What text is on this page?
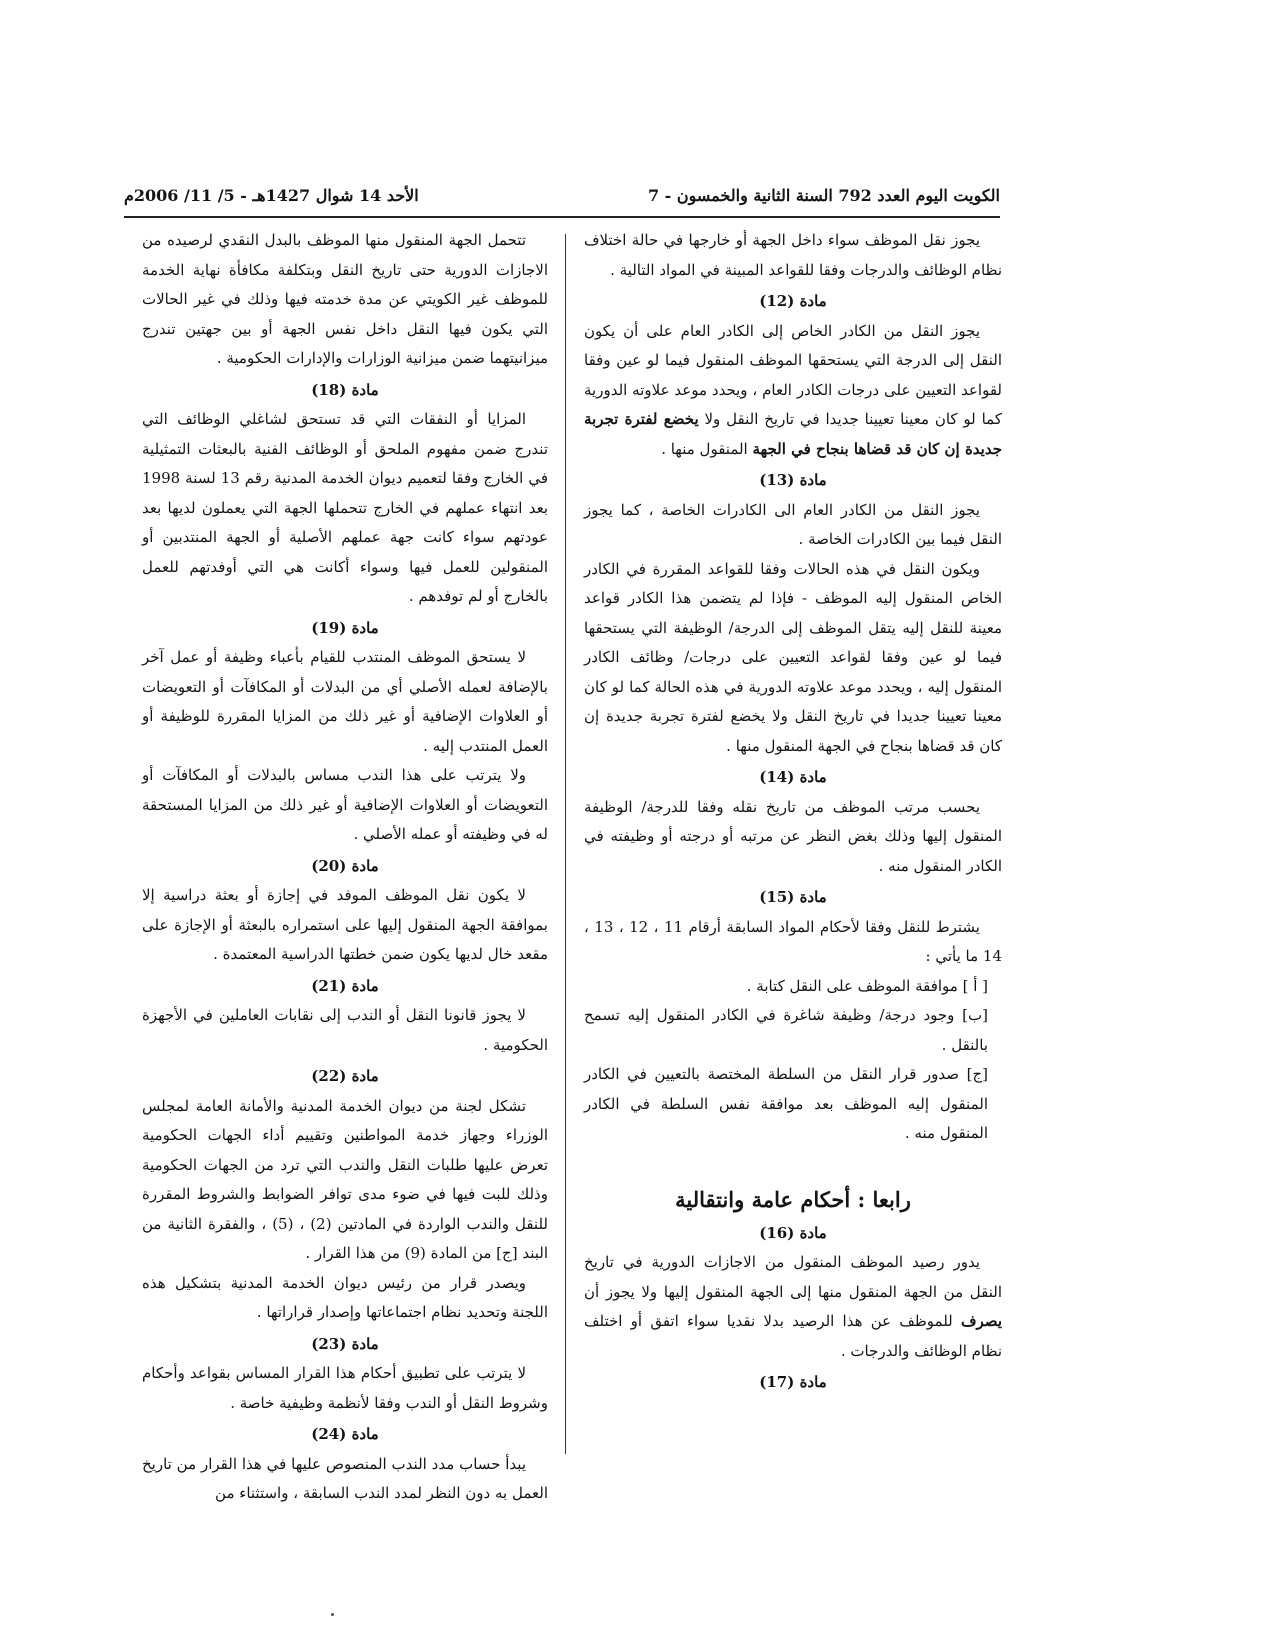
الكويت اليوم العدد 792 السنة الثانية والخمسون - 7
الأحد 14 شوال 1427هـ - 5/ 11/ 2006م

يجوز نقل الموظف سواء داخل الجهة أو خارجها في حالة اختلاف نظام الوظائف والدرجات وفقا للقواعد المبينة في المواد التالية .

مادة (12)

يجوز النقل من الكادر الخاص إلى الكادر العام على أن يكون النقل إلى الدرجة التي يستحقها الموظف المنقول فيما لو عين وفقا لقواعد التعيين على درجات الكادر العام ، ويحدد موعد علاوته الدورية كما لو كان معينا تعيينا جديدا في تاريخ النقل ولا يخضع لفترة تجربة جديدة إن كان قد قضاها بنجاح في الجهة المنقول منها .

مادة (13)

يجوز النقل من الكادر العام الى الكادرات الخاصة ، كما يجوز النقل فيما بين الكادرات الخاصة .

ويكون النقل في هذه الحالات وفقا للقواعد المقررة في الكادر الخاص المنقول إليه الموظف - فإذا لم يتضمن هذا الكادر قواعد معينة للنقل إليه يتقل الموظف إلى الدرجة/ الوظيفة التي يستحقها فيما لو عين وفقا لقواعد التعيين على درجات/ وظائف الكادر المنقول إليه ، ويحدد موعد علاوته الدورية في هذه الحالة كما لو كان معينا تعيينا جديدا في تاريخ النقل ولا يخضع لفترة تجربة جديدة إن كان قد قضاها بنجاح في الجهة المنقول منها .

مادة (14)

يحسب مرتب الموظف من تاريخ نقله وفقا للدرجة/ الوظيفة المنقول إليها وذلك بغض النظر عن مرتبه أو درجته أو وظيفته في الكادر المنقول منه .

مادة (15)

يشترط للنقل وفقا لأحكام المواد السابقة أرقام 11 ، 12 ، 13 ، 14 ما يأتي :

[ أ ] موافقة الموظف على النقل كتابة .

[ب] وجود درجة/ وظيفة شاغرة في الكادر المنقول إليه تسمح بالنقل .

[ج] صدور قرار النقل من السلطة المختصة بالتعيين في الكادر المنقول إليه الموظف بعد موافقة نفس السلطة في الكادر المنقول منه .

رابعا : أحكام عامة وانتقالية
مادة (16)

يدور رصيد الموظف المنقول من الاجازات الدورية في تاريخ النقل من الجهة المنقول منها إلى الجهة المنقول إليها ولا يجوز أن يصرف للموظف عن هذا الرصيد بدلا نقديا سواء اتفق أو اختلف نظام الوظائف والدرجات .

مادة (17)

تتحمل الجهة المنقول منها الموظف بالبدل النقدي لرصيده من الاجازات الدورية حتى تاريخ النقل وبتكلفة مكافأة نهاية الخدمة للموظف غير الكويتي عن مدة خدمته فيها وذلك في غير الحالات التي يكون فيها النقل داخل نفس الجهة أو بين جهتين تندرج ميزانيتهما ضمن ميزانية الوزارات والإدارات الحكومية .

مادة (18)

المزايا أو النفقات التي قد تستحق لشاغلي الوظائف التي تندرج ضمن مفهوم الملحق أو الوظائف الفنية بالبعثات التمثيلية في الخارج وفقا لتعميم ديوان الخدمة المدنية رقم 13 لسنة 1998 بعد انتهاء عملهم في الخارج تتحملها الجهة التي يعملون لديها بعد عودتهم سواء كانت جهة عملهم الأصلية أو الجهة المنتدبين أو المنقولين للعمل فيها وسواء أكانت هي التي أوفدتهم للعمل بالخارج أو لم توفدهم .

مادة (19)

لا يستحق الموظف المنتدب للقيام بأعباء وظيفة أو عمل آخر بالإضافة لعمله الأصلي أي من البدلات أو المكافآت أو التعويضات أو العلاوات الإضافية أو غير ذلك من المزايا المقررة للوظيفة أو العمل المنتدب إليه .

ولا يترتب على هذا الندب مساس بالبدلات أو المكافآت أو التعويضات أو العلاوات الإضافية أو غير ذلك من المزايا المستحقة له في وظيفته أو عمله الأصلي .

مادة (20)

لا يكون نقل الموظف الموفد في إجازة أو بعثة دراسية إلا بموافقة الجهة المنقول إليها على استمراره بالبعثة أو الإجازة على مقعد خال لديها يكون ضمن خطتها الدراسية المعتمدة .

مادة (21)

لا يجوز قانونا النقل أو الندب إلى نقابات العاملين في الأجهزة الحكومية .

مادة (22)

تشكل لجنة من ديوان الخدمة المدنية والأمانة العامة لمجلس الوزراء وجهاز خدمة المواطنين وتقييم أداء الجهات الحكومية تعرض عليها طلبات النقل والندب التي ترد من الجهات الحكومية وذلك للبت فيها في ضوء مدى توافر الضوابط والشروط المقررة للنقل والندب الواردة في المادتين (2) ، (5) ، والفقرة الثانية من البند [ج] من المادة (9) من هذا القرار .

ويصدر قرار من رئيس ديوان الخدمة المدنية بتشكيل هذه اللجنة وتحديد نظام اجتماعاتها وإصدار قراراتها .

مادة (23)

لا يترتب على تطبيق أحكام هذا القرار المساس بقواعد وأحكام وشروط النقل أو الندب وفقا لأنظمة وظيفية خاصة .

مادة (24)

يبدأ حساب مدد الندب المنصوص عليها في هذا القرار من تاريخ العمل به دون النظر لمدد الندب السابقة ، واستثناء من
